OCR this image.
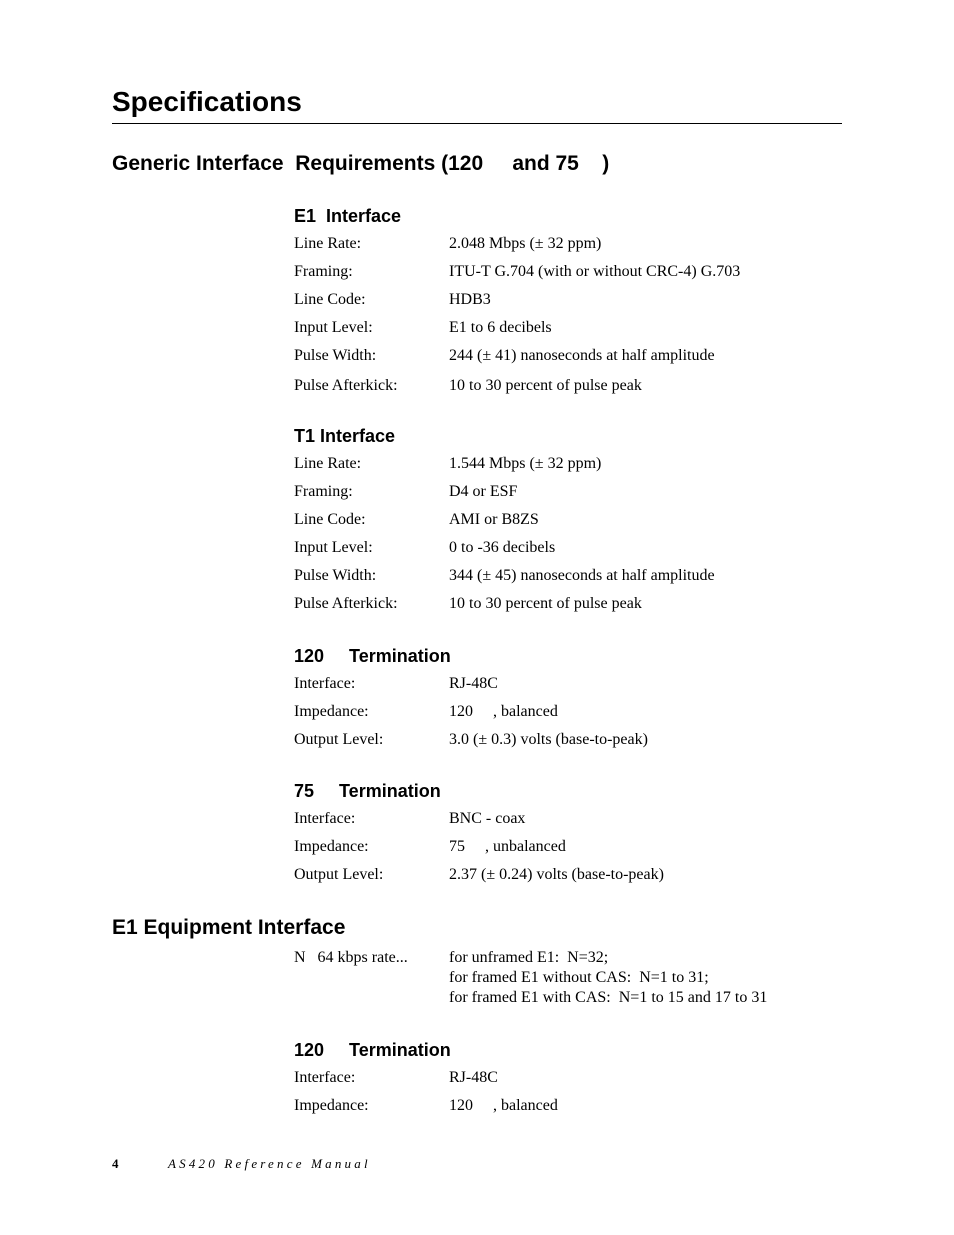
Specifications
Generic Interface  Requirements (120     and 75    )
E1  Interface
Line Rate:	2.048 Mbps (± 32 ppm)
Framing:	ITU-T G.704 (with or without CRC-4) G.703
Line Code:	HDB3
Input Level:	E1 to 6 decibels
Pulse Width:	244 (± 41) nanoseconds at half amplitude
Pulse Afterkick:	10 to 30 percent of pulse peak
T1 Interface
Line Rate:	1.544 Mbps (± 32 ppm)
Framing:	D4 or ESF
Line Code:	AMI or B8ZS
Input Level:	0 to -36 decibels
Pulse Width:	344 (± 45) nanoseconds at half amplitude
Pulse Afterkick:	10 to 30 percent of pulse peak
120     Termination
Interface:	RJ-48C
Impedance:	120     , balanced
Output Level:	3.0 (± 0.3) volts (base-to-peak)
75     Termination
Interface:	BNC - coax
Impedance:	75     , unbalanced
Output Level:	2.37 (± 0.24) volts (base-to-peak)
E1 Equipment Interface
N   64 kbps rate...	for unframed E1:  N=32;
for framed E1 without CAS:  N=1 to 31;
for framed E1 with CAS:  N=1 to 15 and 17 to 31
120     Termination
Interface:	RJ-48C
Impedance:	120     , balanced
4	AS420 Reference Manual
